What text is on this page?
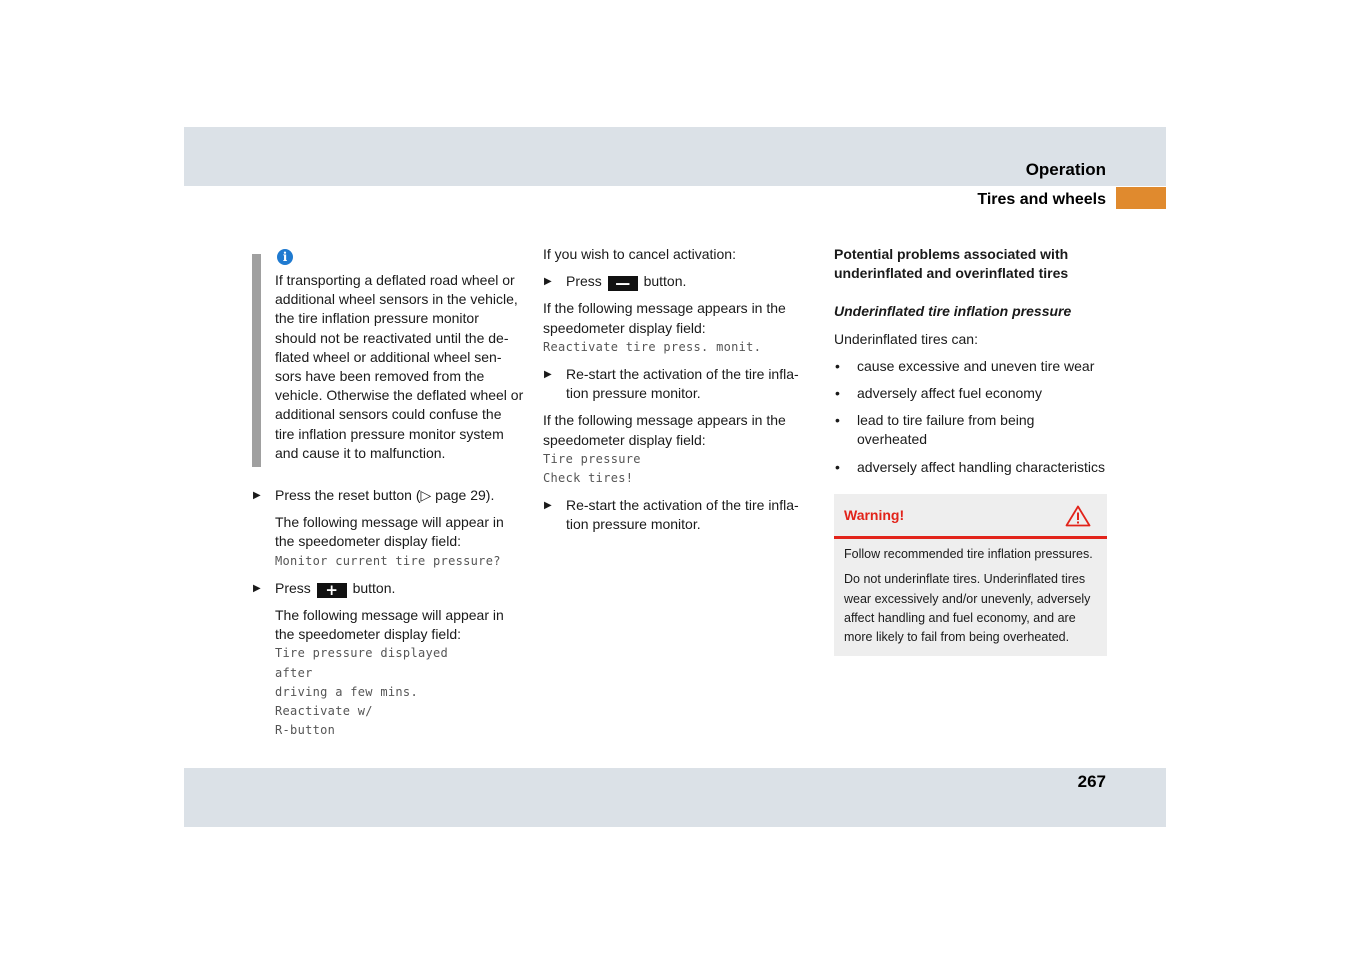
Operation
Tires and wheels
i

If transporting a deflated road wheel or additional wheel sensors in the vehicle, the tire inflation pressure monitor should not be reactivated until the de-flated wheel or additional wheel sen-sors have been removed from the vehicle. Otherwise the deflated wheel or additional sensors could confuse the tire inflation pressure monitor system and cause it to malfunction.

▶ Press the reset button (▷ page 29).

The following message will appear in the speedometer display field:

Monitor current tire pressure?
▶ Press + button.

The following message will appear in the speedometer display field:

Tire pressure displayed
after
driving a few mins.
Reactivate w/
R-button

If you wish to cancel activation:

▶ Press — button.

If the following message appears in the speedometer display field:

Reactivate tire press. monit.
▶ Re-start the activation of the tire infla-tion pressure monitor.

If the following message appears in the speedometer display field:

Tire pressure
Check tires!
▶ Re-start the activation of the tire infla-tion pressure monitor.

Potential problems associated with underinflated and overinflated tires

Underinflated tire inflation pressure

Underinflated tires can:

• cause excessive and uneven tire wear
• adversely affect fuel economy
• lead to tire failure from being overheated
• adversely affect handling characteristics
Warning!

Follow recommended tire inflation pressures.

Do not underinflate tires. Underinflated tires wear excessively and/or unevenly, adversely affect handling and fuel economy, and are more likely to fail from being overheated.

267
